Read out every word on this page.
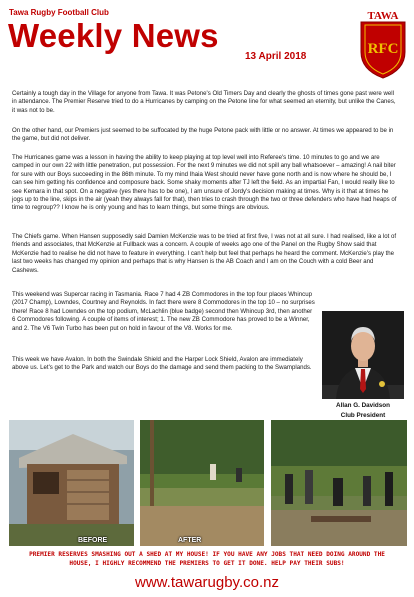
Tawa Rugby Football Club
Weekly News
13 April 2018
TAWA
RFC

Certainly a tough day in the Village for anyone from Tawa. It was Petone's Old Timers Day and clearly the ghosts of times gone past were well in attendance. The Premier Reserve tried to do a Hurricanes by camping on the Petone line for what seemed an eternity, but unlike the Canes, it was not to be.

On the other hand, our Premiers just seemed to be suffocated by the huge Petone pack with little or no answer. At times we appeared to be in the game, but did not deliver.

The Hurricanes game was a lesson in having the ability to keep playing at top level well into Referee's time. 10 minutes to go and we are camped in our own 22 with little penetration, put possession. For the next 9 minutes we did not spill any ball whatsoever – amazing! A nail biter for sure with our Boys succeeding in the 86th minute. To my mind Ihaia West should never have gone north and is now where he should be, I can see him getting his confidence and composure back. Some shaky moments after TJ left the field. As an impartial Fan, I would really like to see Kemara in that spot. On a negative (yes there has to be one), I am unsure of Jordy's decision making at times. Why is it that at times he jogs up to the line, skips in the air (yeah they always fall for that), then tries to crash through the two or three defenders who have had heaps of time to regroup?? I know he is only young and has to learn things, but some things are obvious.

The Chiefs game. When Hansen supposedly said Damien McKenzie was to be tried at first five, I was not at all sure. I had realised, like a lot of friends and associates, that McKenzie at Fullback was a concern. A couple of weeks ago one of the Panel on the Rugby Show said that McKenzie had to realise he did not have to feature in everything. I can't help but feel that perhaps he heard the comment. McKenzie's play the last two weeks has changed my opinion and perhaps that is why Hansen is the AB Coach and I am on the Couch with a cold Beer and Cashews.

This weekend was Supercar racing in Tasmania. Race 7 had 4 ZB Commodores in the top four places Whincup (2017 Champ), Lowndes, Courtney and Reynolds. In fact there were 8 Commodores in the top 10 – no surprises there! Race 8 had Lowndes on the top podium, McLachlin (blue badge) second then Whincup 3rd, then another 6 Commodores following. A couple of items of interest; 1. The new ZB Commodore has proved to be a Winner, and 2. The V6 Twin Turbo has been put on hold in favour of the V8. Works for me.

This week we have Avalon. In both the Swindale Shield and the Harper Lock Shield, Avalon are immediately above us. Let's get to the Park and watch our Boys do the damage and send them packing to the Swamplands.

Allan G. Davidson
Club President
BEFORE	AFTER
PREMIER RESERVES SMASHING OUT A SHED AT MY HOUSE! IF YOU HAVE ANY JOBS THAT NEED DOING AROUND THE
HOUSE, I HIGHLY RECOMMEND THE PREMIERS TO GET IT DONE. HELP PAY THEIR SUBS!
www.tawarugby.co.nz
